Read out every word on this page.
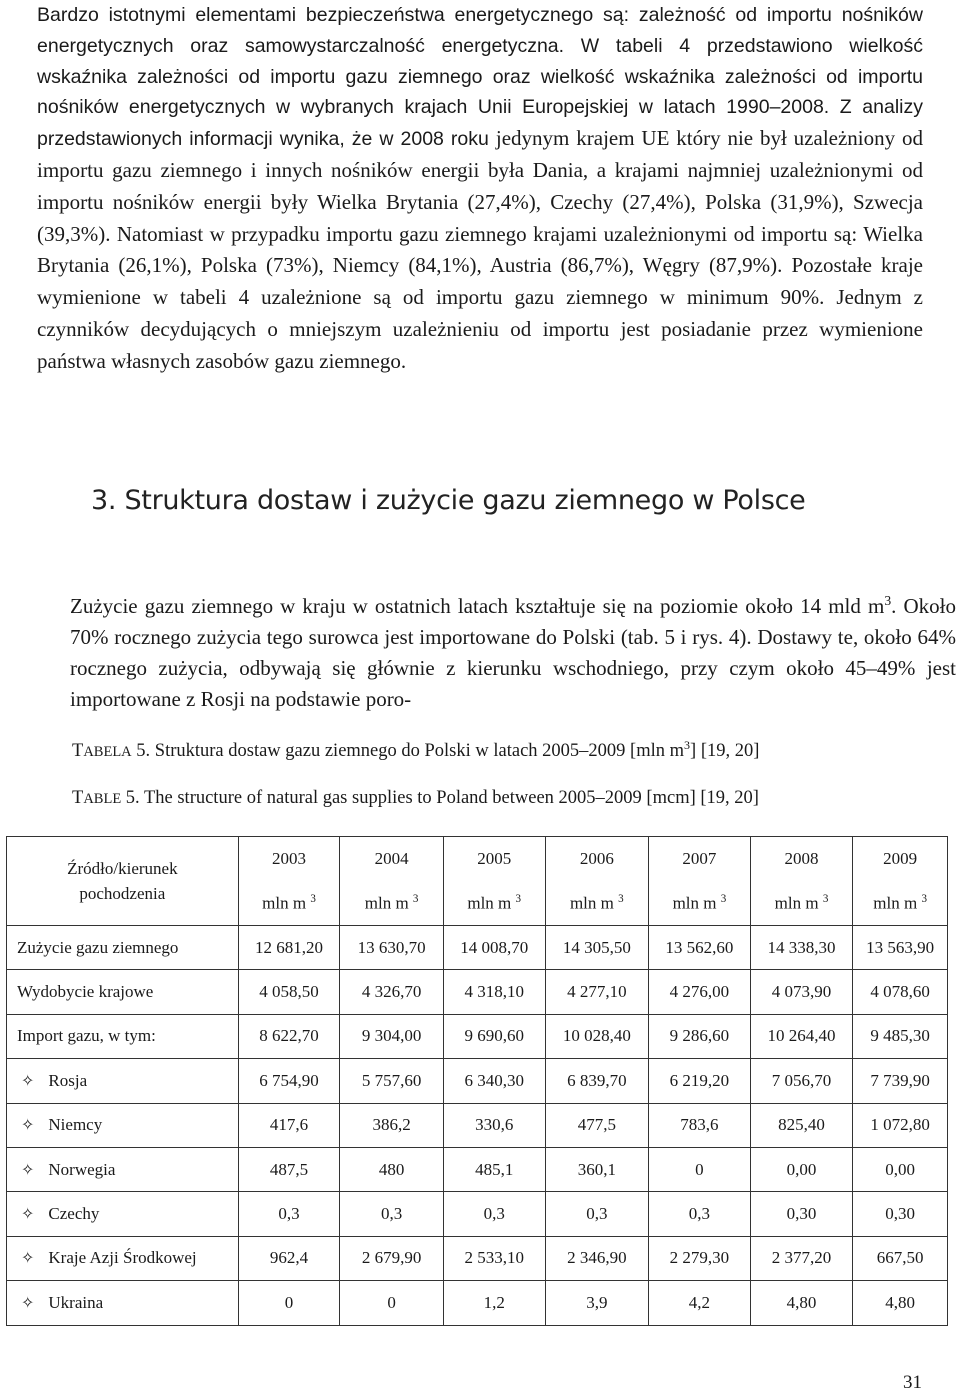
Bardzo istotnymi elementami bezpieczeństwa energetycznego są: zależność od importu nośników energetycznych oraz samowystarczalność energetyczna. W tabeli 4 przedstawiono wielkość wskaźnika zależności od importu gazu ziemnego oraz wielkość wskaźnika zależności od importu nośników energetycznych w wybranych krajach Unii Europejskiej w latach 1990–2008. Z analizy przedstawionych informacji wynika, że w 2008 roku jedynym krajem UE który nie był uzależniony od importu gazu ziemnego i innych nośników energii była Dania, a krajami najmniej uzależnionymi od importu nośników energii były Wielka Brytania (27,4%), Czechy (27,4%), Polska (31,9%), Szwecja (39,3%). Natomiast w przypadku importu gazu ziemnego krajami uzależnionymi od importu są: Wielka Brytania (26,1%), Polska (73%), Niemcy (84,1%), Austria (86,7%), Węgry (87,9%). Pozostałe kraje wymienione w tabeli 4 uzależnione są od importu gazu ziemnego w minimum 90%. Jednym z czynników decydujących o mniejszym uzależnieniu od importu jest posiadanie przez wymienione państwa własnych zasobów gazu ziemnego.

3. Struktura dostaw i zużycie gazu ziemnego w Polsce

Zużycie gazu ziemnego w kraju w ostatnich latach kształtuje się na poziomie około 14 mld $m^3$. Około 70% rocznego zużycia tego surowca jest importowane do Polski (tab. 5 i rys. 4). Dostawy te, około 64% rocznego zużycia, odbywają się głównie z kierunku wschodniego, przy czym około 45–49% jest importowane z Rosji na podstawie poro-

TABELA 5. Struktura dostaw gazu ziemnego do Polski w latach 2005–2009 [mln $m^3$] [19, 20]

TABLE 5. The structure of natural gas supplies to Poland between 2005–2009 [mcm] [19, 20]

Źródło/kierunek pochodzenia	2003	2004	2005	2006	2007	2008	2009
	mln m $^3$	mln m $^3$	mln m $^3$	mln m $^3$	mln m $^3$	mln m $^3$	mln m $^3$
Zużycie gazu ziemnego	12 681,20	13 630,70	14 008,70	14 305,50	13 562,60	14 338,30	13 563,90
Wydobycie krajowe	4 058,50	4 326,70	4 318,10	4 277,10	4 276,00	4 073,90	4 078,60
Import gazu, w tym:	8 622,70	9 304,00	9 690,60	10 028,40	9 286,60	10 264,40	9 485,30
✧ Rosja	6 754,90	5 757,60	6 340,30	6 839,70	6 219,20	7 056,70	7 739,90
✧ Niemcy	417,6	386,2	330,6	477,5	783,6	825,40	1 072,80
✧ Norwegia	487,5	480	485,1	360,1	0	0,00	0,00
✧ Czechy	0,3	0,3	0,3	0,3	0,3	0,30	0,30
✧ Kraje Azji Środkowej	962,4	2 679,90	2 533,10	2 346,90	2 279,30	2 377,20	667,50
✧ Ukraina	0	0	1,2	3,9	4,2	4,80	4,80
31
